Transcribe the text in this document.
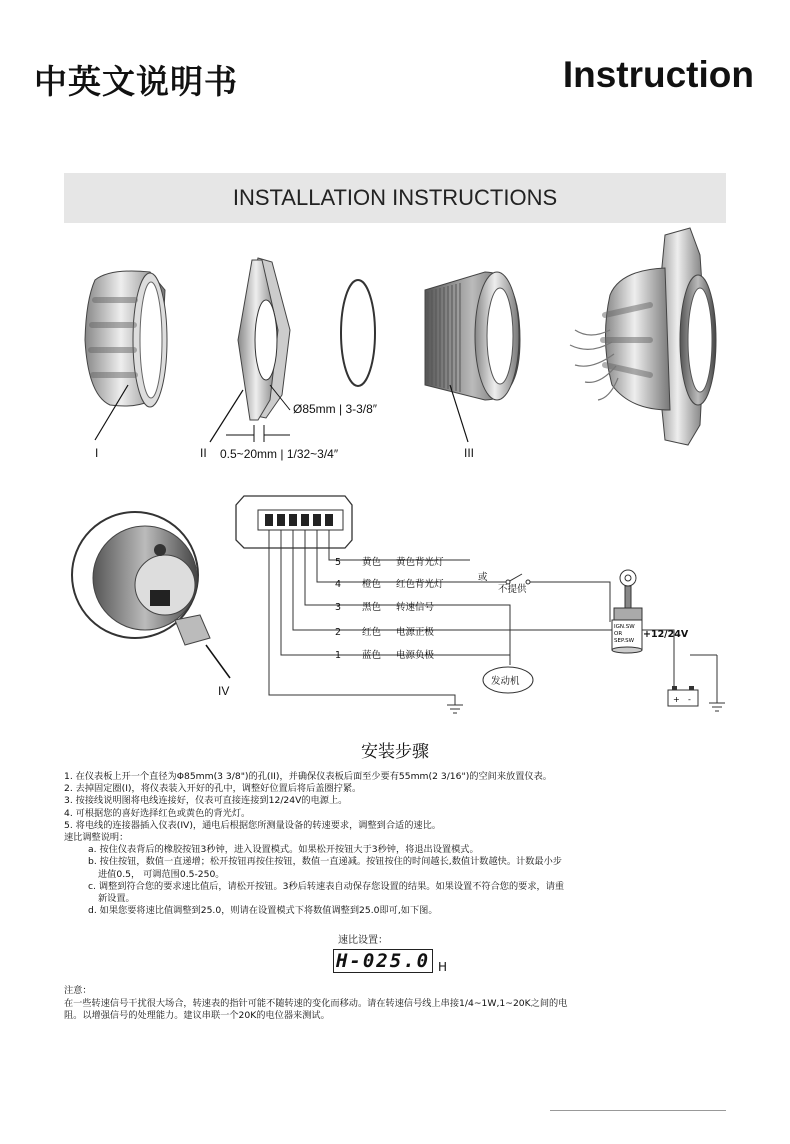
中英文说明书	Instruction
INSTALLATION INSTRUCTIONS
I	II	III
Ø85mm | 3-3/8″
0.5~20mm | 1/32~3/4″
IV
5 黄色 黄色背光灯
4 橙色 红色背光灯
3 黑色 转速信号
2 红色 电源正极
1 蓝色 电源负极
或
不提供
IGN.SW
OR
SEP.SW
+12/24V
发动机
+ -
安装步骤
1. 在仪表板上开一个直径为Φ85mm(3 3/8")的孔(II)，并确保仪表板后面至少要有55mm(2 3/16")的空间来放置仪表。
2. 去掉固定圈(I)，将仪表装入开好的孔中，调整好位置后将后盖圈拧紧。
3. 按接线说明图将电线连接好，仪表可直接连接到12/24V的电源上。
4. 可根据您的喜好选择红色或黄色的背光灯。
5. 将电线的连接器插入仪表(IV)，通电后根据您所测量设备的转速要求，调整到合适的速比。
速比调整说明：
a. 按住仪表背后的橡胶按钮3秒钟，进入设置模式。如果松开按钮大于3秒钟，将退出设置模式。
b. 按住按钮，数值一直递增；松开按钮再按住按钮，数值一直递减。按钮按住的时间越长,数值计数越快。计数最小步
进值0.5， 可调范围0.5-250。
c. 调整到符合您的要求速比值后，请松开按钮。3秒后转速表自动保存您设置的结果。如果设置不符合您的要求，请重
新设置。
d. 如果您要将速比值调整到25.0，则请在设置模式下将数值调整到25.0即可,如下图。
速比设置：
H-025.0 H
注意：
在一些转速信号干扰很大场合，转速表的指针可能不随转速的变化而移动。请在转速信号线上串接1/4~1W,1~20K之间的电
阻。以增强信号的处理能力。建议串联一个20K的电位器来测试。
